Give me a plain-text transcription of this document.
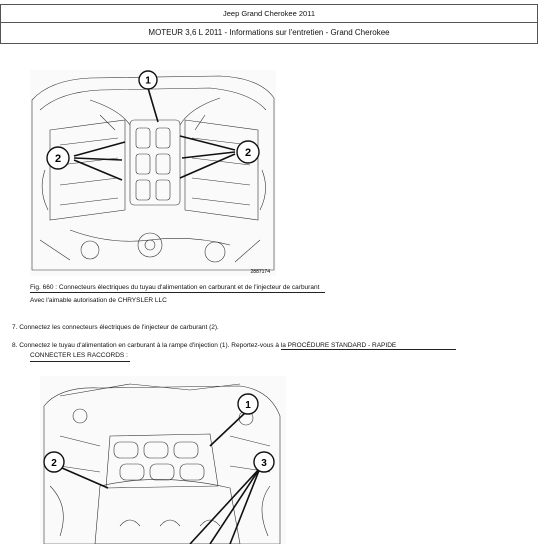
Jeep Grand Cherokee 2011
MOTEUR 3,6 L 2011 - Informations sur l'entretien - Grand Cherokee
1
2	2
2887174
Fig. 660 : Connecteurs électriques du tuyau d'alimentation en carburant et de l'injecteur de carburant
Avec l'aimable autorisation de CHRYSLER LLC
7. Connectez les connecteurs électriques de l'injecteur de carburant (2).
8. Connectez le tuyau d'alimentation en carburant à la rampe d'injection (1). Reportez-vous à la PROCÉDURE STANDARD - RAPIDE
CONNECTER LES RACCORDS :
1
2	3
